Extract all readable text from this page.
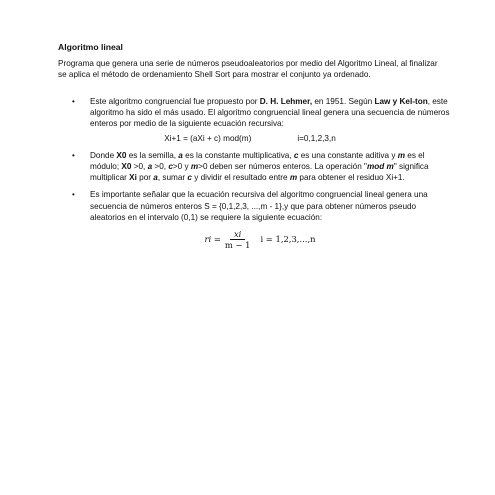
Algoritmo lineal
Programa que genera una serie de números pseudoaleatorios por medio del Algoritmo Lineal, al finalizar se aplica el método de ordenamiento Shell Sort para mostrar el conjunto ya ordenado.
• Este algoritmo congruencial fue propuesto por D. H. Lehmer, en 1951. Según Law y Kel-ton, este algoritmo ha sido el más usado. El algoritmo congruencial lineal genera una secuencia de números enteros por medio de la siguiente ecuación recursiva:
Xi+1 = (aXi + c) mod(m)	i=0,1,2,3,n
• Donde X0 es la semilla, a es la constante multiplicativa, c es una constante aditiva y m es el módulo; X0 >0, a >0, c>0 y m>0 deben ser números enteros. La operación "mod m" significa multiplicar Xi por a, sumar c y dividir el resultado entre m para obtener el residuo Xi+1.
• Es importante señalar que la ecuación recursiva del algoritmo congruencial lineal genera una secuencia de números enteros S = {0,1,2,3, ...,m - 1},y que para obtener números pseudo aleatorios en el intervalo (0,1) se requiere la siguiente ecuación:
ri = $\frac{xi}{m - 1}$ i = 1,2,3,...,n
